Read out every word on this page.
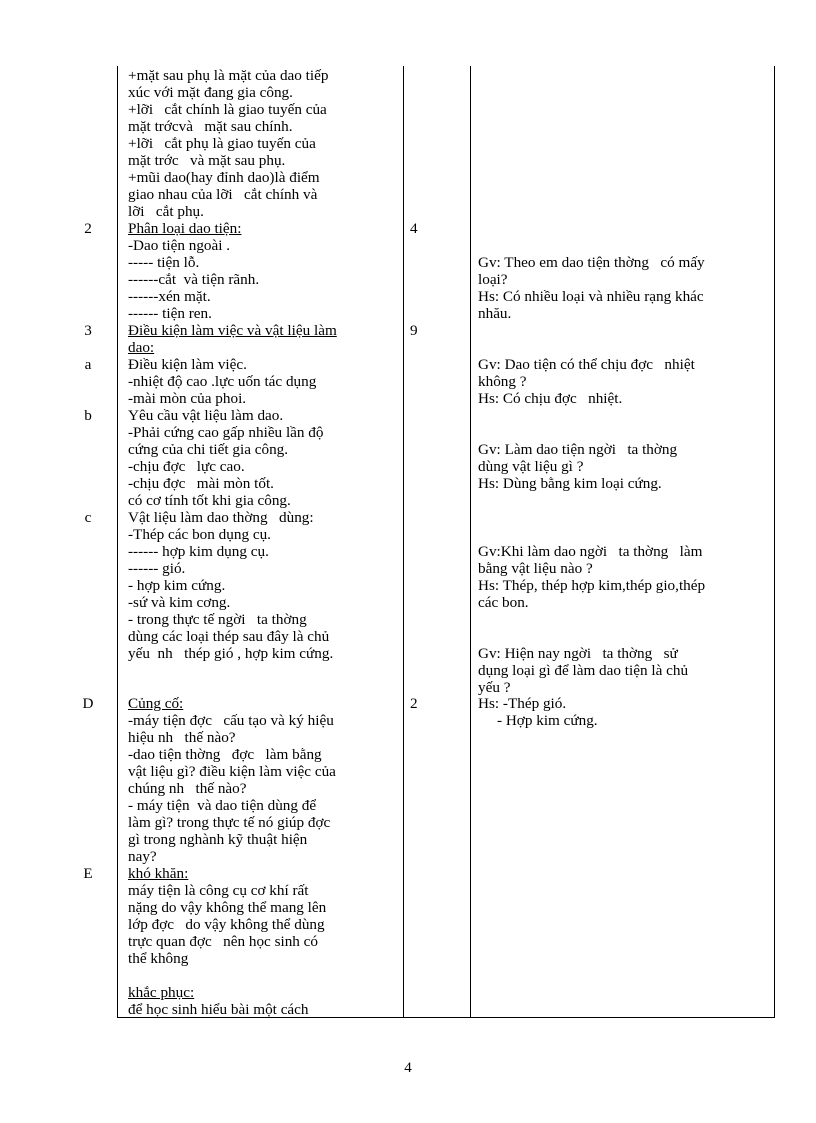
2
3
a
b
c
D
E
+mặt sau phụ là mặt của dao tiếp
xúc với mặt đang gia công.
+lỡi   cắt chính là giao tuyến của
mặt trớcvà   mặt sau chính.
+lỡi   cắt phụ là giao tuyến của
mặt trớc   và mặt sau phụ.
+mũi dao(hay đỉnh dao)là điểm
giao nhau của lỡi   cắt chính và
lỡi   cắt phụ.
Phân loại dao tiện:
-Dao tiện ngoài .
----- tiện lỗ.
------cắt  và tiện rãnh.
------xén mặt.
------ tiện ren.
Điều kiện làm việc và vật liệu làm
dao:
Điều kiện làm việc.
-nhiệt độ cao .lực uốn tác dụng
-mài mòn của phoi.
Yêu cầu vật liệu làm dao.
-Phải cứng cao gấp nhiều lần độ
cứng của chi tiết gia công.
-chịu đợc   lực cao.
-chịu đợc   mài mòn tốt.
có cơ tính tốt khi gia công.
Vật liệu làm dao thờng   dùng:
-Thép các bon dụng cụ.
------ hợp kim dụng cụ.
------ gió.
- hợp kim cứng.
-sứ và kim cơng.
- trong thực tế ngời   ta thờng
dùng các loại thép sau đây là chủ
yếu  nh   thép gió , hợp kim cứng.
Củng cố:
-máy tiện đợc   cấu tạo và ký hiệu
hiệu nh   thế nào?
-dao tiện thờng   đợc   làm bằng
vật liệu gì? điều kiện làm việc của
chúng nh   thế nào?
- máy tiện  và dao tiện dùng để
làm gì? trong thực tế nó giúp đợc
gì trong nghành kỹ thuật hiện
nay?
khó khăn:
máy tiện là công cụ cơ khí rất
nặng do vậy không thể mang lên
lớp đợc   do vậy không thể dùng
trực quan đợc   nên học sinh có
thể không
khắc phục:
để học sinh hiểu bài một cách
4
9
2
Gv: Theo em dao tiện thờng   có mấy
loại?
Hs: Có nhiều loại và nhiều rạng khác
nhău.
Gv: Dao tiện có thể chịu đợc   nhiệt
không ?
Hs: Có chịu đợc   nhiệt.
Gv: Làm dao tiện ngời   ta thờng
dùng vật liệu gì ?
Hs: Dùng bằng kim loại cứng.
Gv:Khi làm dao ngời   ta thờng   làm
bằng vật liệu nào ?
Hs: Thép, thép hợp kim,thép gio,thép
các bon.
Gv: Hiện nay ngời   ta thờng   sử
dụng loại gì để làm dao tiện là chủ
yếu ?
Hs: -Thép gió.
- Hợp kim cứng.
4
